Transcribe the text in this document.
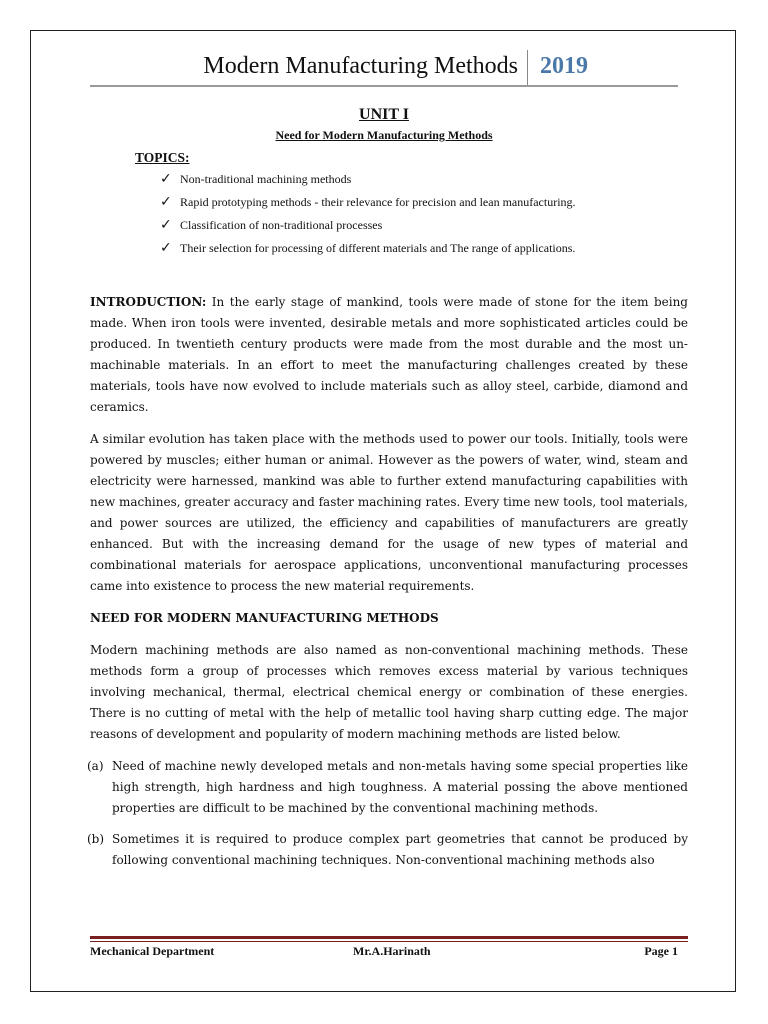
Modern Manufacturing Methods 2019
UNIT I
Need for Modern Manufacturing Methods
TOPICS:
✓ Non-traditional machining methods
✓ Rapid prototyping methods - their relevance for precision and lean manufacturing.
✓ Classification of non-traditional processes
✓ Their selection for processing of different materials and The range of applications.

INTRODUCTION: In the early stage of mankind, tools were made of stone for the item being made. When iron tools were invented, desirable metals and more sophisticated articles could be produced. In twentieth century products were made from the most durable and the most un-machinable materials. In an effort to meet the manufacturing challenges created by these materials, tools have now evolved to include materials such as alloy steel, carbide, diamond and ceramics.

A similar evolution has taken place with the methods used to power our tools. Initially, tools were powered by muscles; either human or animal. However as the powers of water, wind, steam and electricity were harnessed, mankind was able to further extend manufacturing capabilities with new machines, greater accuracy and faster machining rates. Every time new tools, tool materials, and power sources are utilized, the efficiency and capabilities of manufacturers are greatly enhanced. But with the increasing demand for the usage of new types of material and combinational materials for aerospace applications, unconventional manufacturing processes came into existence to process the new material requirements.

NEED FOR MODERN MANUFACTURING METHODS

Modern machining methods are also named as non-conventional machining methods. These methods form a group of processes which removes excess material by various techniques involving mechanical, thermal, electrical chemical energy or combination of these energies. There is no cutting of metal with the help of metallic tool having sharp cutting edge. The major reasons of development and popularity of modern machining methods are listed below.

(a) Need of machine newly developed metals and non-metals having some special properties like high strength, high hardness and high toughness. A material possing the above mentioned properties are difficult to be machined by the conventional machining methods.
(b) Sometimes it is required to produce complex part geometries that cannot be produced by following conventional machining techniques. Non-conventional machining methods also
Mechanical Department	Mr.A.Harinath	Page 1
